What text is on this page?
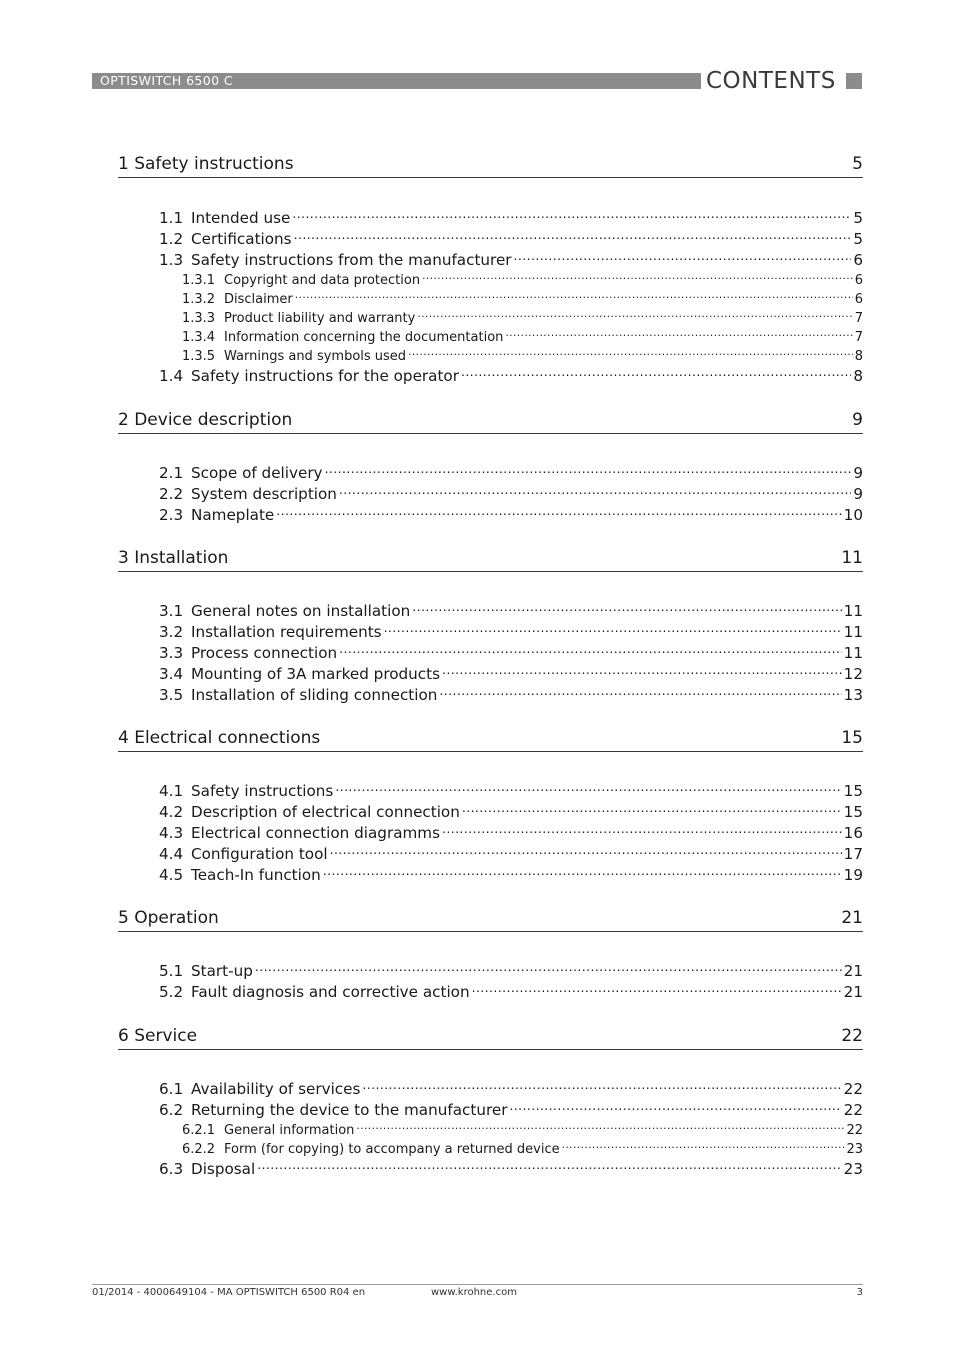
OPTISWITCH 6500 C	CONTENTS
1 Safety instructions	5
1.1 Intended use .....	5
1.2 Certifications .....	5
1.3 Safety instructions from the manufacturer .....	6
1.3.1 Copyright and data protection .....	6
1.3.2 Disclaimer .....	6
1.3.3 Product liability and warranty .....	7
1.3.4 Information concerning the documentation .....	7
1.3.5 Warnings and symbols used .....	8
1.4 Safety instructions for the operator .....	8
2 Device description	9
2.1 Scope of delivery .....	9
2.2 System description .....	9
2.3 Nameplate .....	10
3 Installation	11
3.1 General notes on installation .....	11
3.2 Installation requirements .....	11
3.3 Process connection .....	11
3.4 Mounting of 3A marked products .....	12
3.5 Installation of sliding connection .....	13
4 Electrical connections	15
4.1 Safety instructions .....	15
4.2 Description of electrical connection .....	15
4.3 Electrical connection diagramms .....	16
4.4 Configuration tool .....	17
4.5 Teach-In function .....	19
5 Operation	21
5.1 Start-up .....	21
5.2 Fault diagnosis and corrective action .....	21
6 Service	22
6.1 Availability of services .....	22
6.2 Returning the device to the manufacturer .....	22
6.2.1 General information .....	22
6.2.2 Form (for copying) to accompany a returned device .....	23
6.3 Disposal .....	23
01/2014 - 4000649104 - MA OPTISWITCH 6500 R04 en	www.krohne.com	3
